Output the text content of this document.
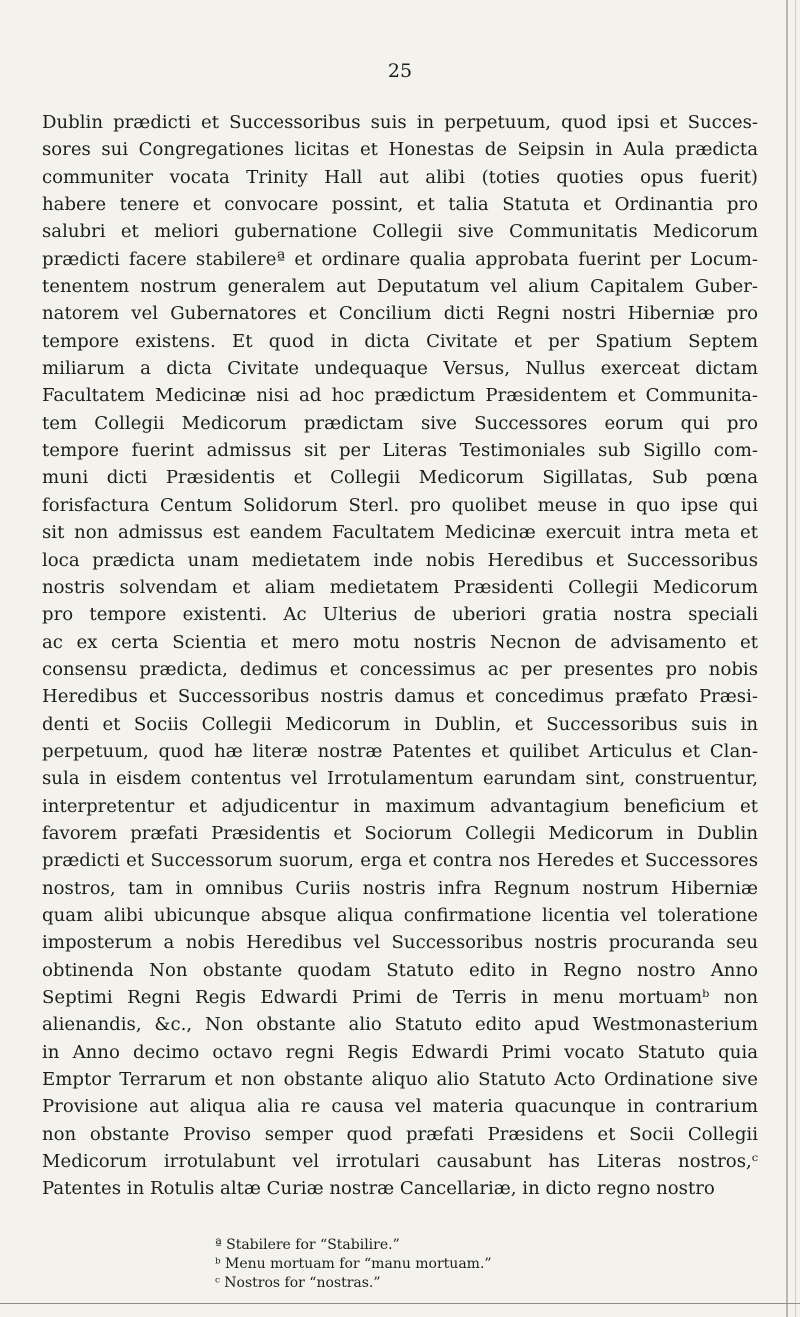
25
Dublin prædicti et Successoribus suis in perpetuum, quod ipsi et Succes-
sores sui Congregationes licitas et Honestas de Seipsin in Aula prædicta
communiter vocata Trinity Hall aut alibi (toties quoties opus fuerit)
habere tenere et convocare possint, et talia Statuta et Ordinantia pro
salubri et meliori gubernatione Collegii sive Communitatis Medicorum
prædicti facere stabilereª et ordinare qualia approbata fuerint per Locum-
tenentem nostrum generalem aut Deputatum vel alium Capitalem Guber-
natorem vel Gubernatores et Concilium dicti Regni nostri Hiberniæ pro
tempore existens. Et quod in dicta Civitate et per Spatium Septem
miliarum a dicta Civitate undequaque Versus, Nullus exerceat dictam
Facultatem Medicinæ nisi ad hoc prædictum Præsidentem et Communita-
tem Collegii Medicorum prædictam sive Successores eorum qui pro
tempore fuerint admissus sit per Literas Testimoniales sub Sigillo com-
muni dicti Præsidentis et Collegii Medicorum Sigillatas, Sub pœna
forisfactura Centum Solidorum Sterl. pro quolibet meuse in quo ipse qui
sit non admissus est eandem Facultatem Medicinæ exercuit intra meta et
loca prædicta unam medietatem inde nobis Heredibus et Successoribus
nostris solvendam et aliam medietatem Præsidenti Collegii Medicorum
pro tempore existenti. Ac Ulterius de uberiori gratia nostra speciali
ac ex certa Scientia et mero motu nostris Necnon de advisamento et
consensu prædicta, dedimus et concessimus ac per presentes pro nobis
Heredibus et Successoribus nostris damus et concedimus præfato Præsi-
denti et Sociis Collegii Medicorum in Dublin, et Successoribus suis in
perpetuum, quod hæ literæ nostræ Patentes et quilibet Articulus et Clan-
sula in eisdem contentus vel Irrotulamentum earundam sint, construentur,
interpretentur et adjudicentur in maximum advantagium beneficium et
favorem præfati Præsidentis et Sociorum Collegii Medicorum in Dublin
prædicti et Successorum suorum, erga et contra nos Heredes et Successores
nostros, tam in omnibus Curiis nostris infra Regnum nostrum Hiberniæ
quam alibi ubicunque absque aliqua confirmatione licentia vel toleratione
imposterum a nobis Heredibus vel Successoribus nostris procuranda seu
obtinenda Non obstante quodam Statuto edito in Regno nostro Anno
Septimi Regni Regis Edwardi Primi de Terris in menu mortuamᵇ non
alienandis, &c., Non obstante alio Statuto edito apud Westmonasterium
in Anno decimo octavo regni Regis Edwardi Primi vocato Statuto quia
Emptor Terrarum et non obstante aliquo alio Statuto Acto Ordinatione sive
Provisione aut aliqua alia re causa vel materia quacunque in contrarium
non obstante Proviso semper quod præfati Præsidens et Socii Collegii
Medicorum irrotulabunt vel irrotulari causabunt has Literas nostros,ᶜ
Patentes in Rotulis altæ Curiæ nostræ Cancellariæ, in dicto regno nostro
ª Stabilere for “Stabilire.”
ᵇ Menu mortuam for “manu mortuam.”
ᶜ Nostros for “nostras.”
